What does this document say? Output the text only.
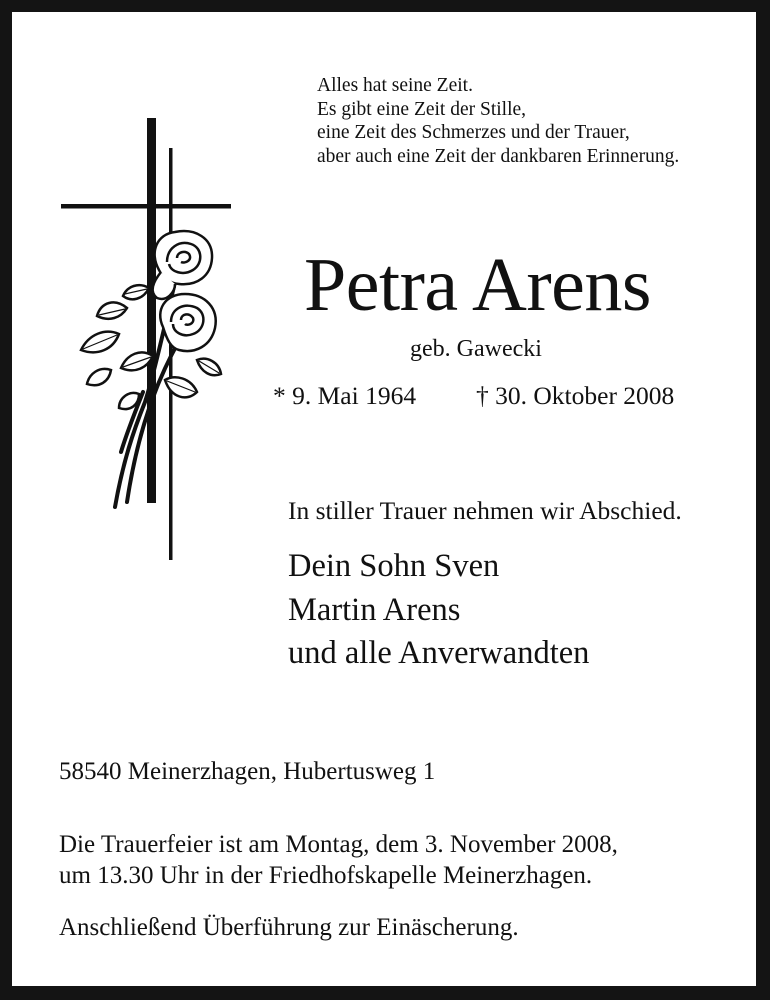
Alles hat seine Zeit.
Es gibt eine Zeit der Stille,
eine Zeit des Schmerzes und der Trauer,
aber auch eine Zeit der dankbaren Erinnerung.
Petra Arens
geb. Gawecki
* 9. Mai 1964 † 30. Oktober 2008
In stiller Trauer nehmen wir Abschied.
Dein Sohn Sven
Martin Arens
und alle Anverwandten
58540 Meinerzhagen, Hubertusweg 1
Die Trauerfeier ist am Montag, dem 3. November 2008,
um 13.30 Uhr in der Friedhofskapelle Meinerzhagen.
Anschließend Überführung zur Einäscherung.
